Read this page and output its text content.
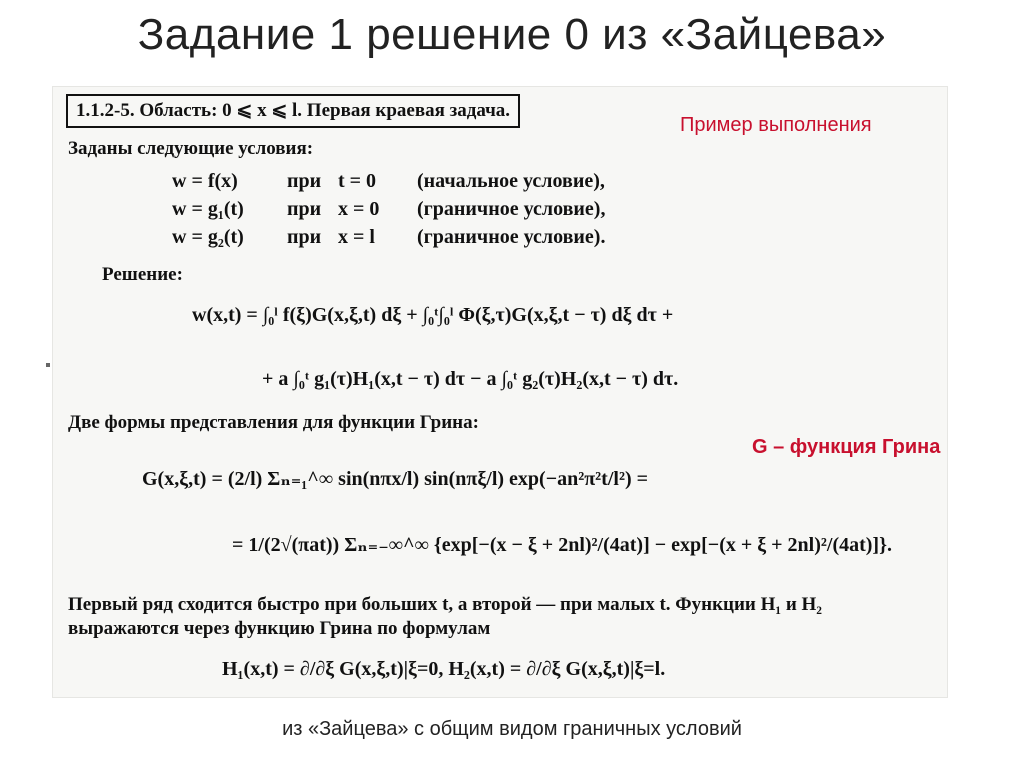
Задание 1 решение 0 из «Зайцева»
1.1.2-5. Область: 0 ⩽ x ⩽ l. Первая краевая задача.
Пример выполнения
Заданы следующие условия:
w = f(x) при t = 0 (начальное условие),
w = g₁(t) при x = 0 (граничное условие),
w = g₂(t) при x = l (граничное условие).
Решение:
w(x,t) = ∫₀ˡ f(ξ)G(x,ξ,t) dξ + ∫₀ᵗ∫₀ˡ Φ(ξ,τ)G(x,ξ,t − τ) dξ dτ +
+ a ∫₀ᵗ g₁(τ)H₁(x,t − τ) dτ − a ∫₀ᵗ g₂(τ)H₂(x,t − τ) dτ.
Две формы представления для функции Грина:
G – функция Грина
G(x,ξ,t) = (2/l) Σₙ₌₁^∞ sin(nπx/l) sin(nπξ/l) exp(−an²π²t/l²) =
= 1/(2√(πat)) Σₙ₌₋∞^∞ {exp[−(x − ξ + 2nl)²/(4at)] − exp[−(x + ξ + 2nl)²/(4at)]}.
Первый ряд сходится быстро при больших t, а второй — при малых t. Функции H₁ и H₂
выражаются через функцию Грина по формулам
H₁(x,t) = ∂/∂ξ G(x,ξ,t)|ξ=0, H₂(x,t) = ∂/∂ξ G(x,ξ,t)|ξ=l.
из «Зайцева» с общим видом граничных условий
